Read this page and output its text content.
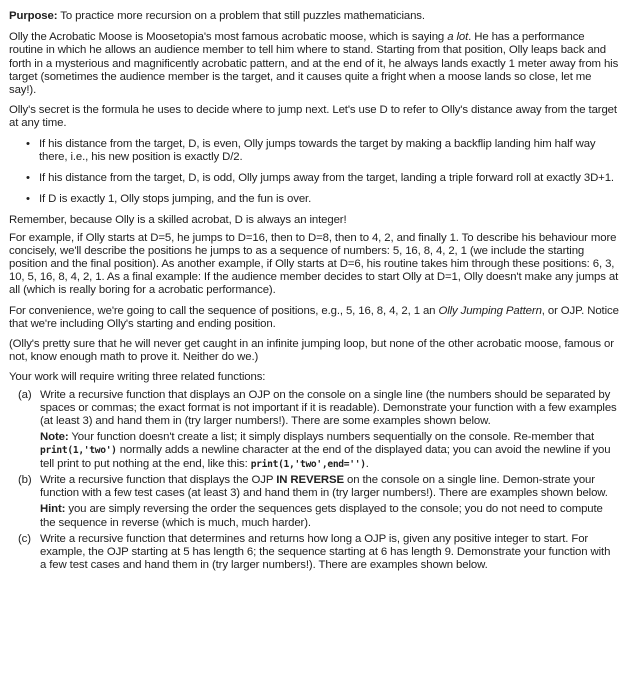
Purpose: To practice more recursion on a problem that still puzzles mathematicians.

Olly the Acrobatic Moose is Moosetopia's most famous acrobatic moose, which is saying a lot. He has a performance routine in which he allows an audience member to tell him where to stand. Starting from that position, Olly leaps back and forth in a mysterious and magnificently acrobatic pattern, and at the end of it, he always lands exactly 1 meter away from his target (sometimes the audience member is the target, and it causes quite a fright when a moose lands so close, let me say!).

Olly's secret is the formula he uses to decide where to jump next. Let's use D to refer to Olly's distance away from the target at any time.

• If his distance from the target, D, is even, Olly jumps towards the target by making a backflip landing him half way there, i.e., his new position is exactly D/2.
• If his distance from the target, D, is odd, Olly jumps away from the target, landing a triple forward roll at exactly 3D+1.
• If D is exactly 1, Olly stops jumping, and the fun is over.

Remember, because Olly is a skilled acrobat, D is always an integer!

For example, if Olly starts at D=5, he jumps to D=16, then to D=8, then to 4, 2, and finally 1. To describe his behaviour more concisely, we'll describe the positions he jumps to as a sequence of numbers: 5, 16, 8, 4, 2, 1 (we include the starting position and the final position). As another example, if Olly starts at D=6, his routine takes him through these positions: 6, 3, 10, 5, 16, 8, 4, 2, 1. As a final example: If the audience member decides to start Olly at D=1, Olly doesn't make any jumps at all (which is really boring for a acrobatic performance).

For convenience, we're going to call the sequence of positions, e.g., 5, 16, 8, 4, 2, 1 an Olly Jumping Pattern, or OJP. Notice that we're including Olly's starting and ending position.

(Olly's pretty sure that he will never get caught in an infinite jumping loop, but none of the other acrobatic moose, famous or not, know enough math to prove it. Neither do we.)

Your work will require writing three related functions:

(a) Write a recursive function that displays an OJP on the console on a single line (the numbers should be separated by spaces or commas; the exact format is not important if it is readable). Demonstrate your function with a few examples (at least 3) and hand them in (try larger numbers!). There are some examples shown below.
Note: Your function doesn't create a list; it simply displays numbers sequentially on the console. Re-member that print(1,'two') normally adds a newline character at the end of the displayed data; you can avoid the newline if you tell print to put nothing at the end, like this: print(1,'two',end='').
(b) Write a recursive function that displays the OJP IN REVERSE on the console on a single line. Demon-strate your function with a few test cases (at least 3) and hand them in (try larger numbers!). There are examples shown below.
Hint: you are simply reversing the order the sequences gets displayed to the console; you do not need to compute the sequence in reverse (which is much, much harder).
(c) Write a recursive function that determines and returns how long a OJP is, given any positive integer to start. For example, the OJP starting at 5 has length 6; the sequence starting at 6 has length 9. Demonstrate your function with a few test cases and hand them in (try larger numbers!). There are examples shown below.
